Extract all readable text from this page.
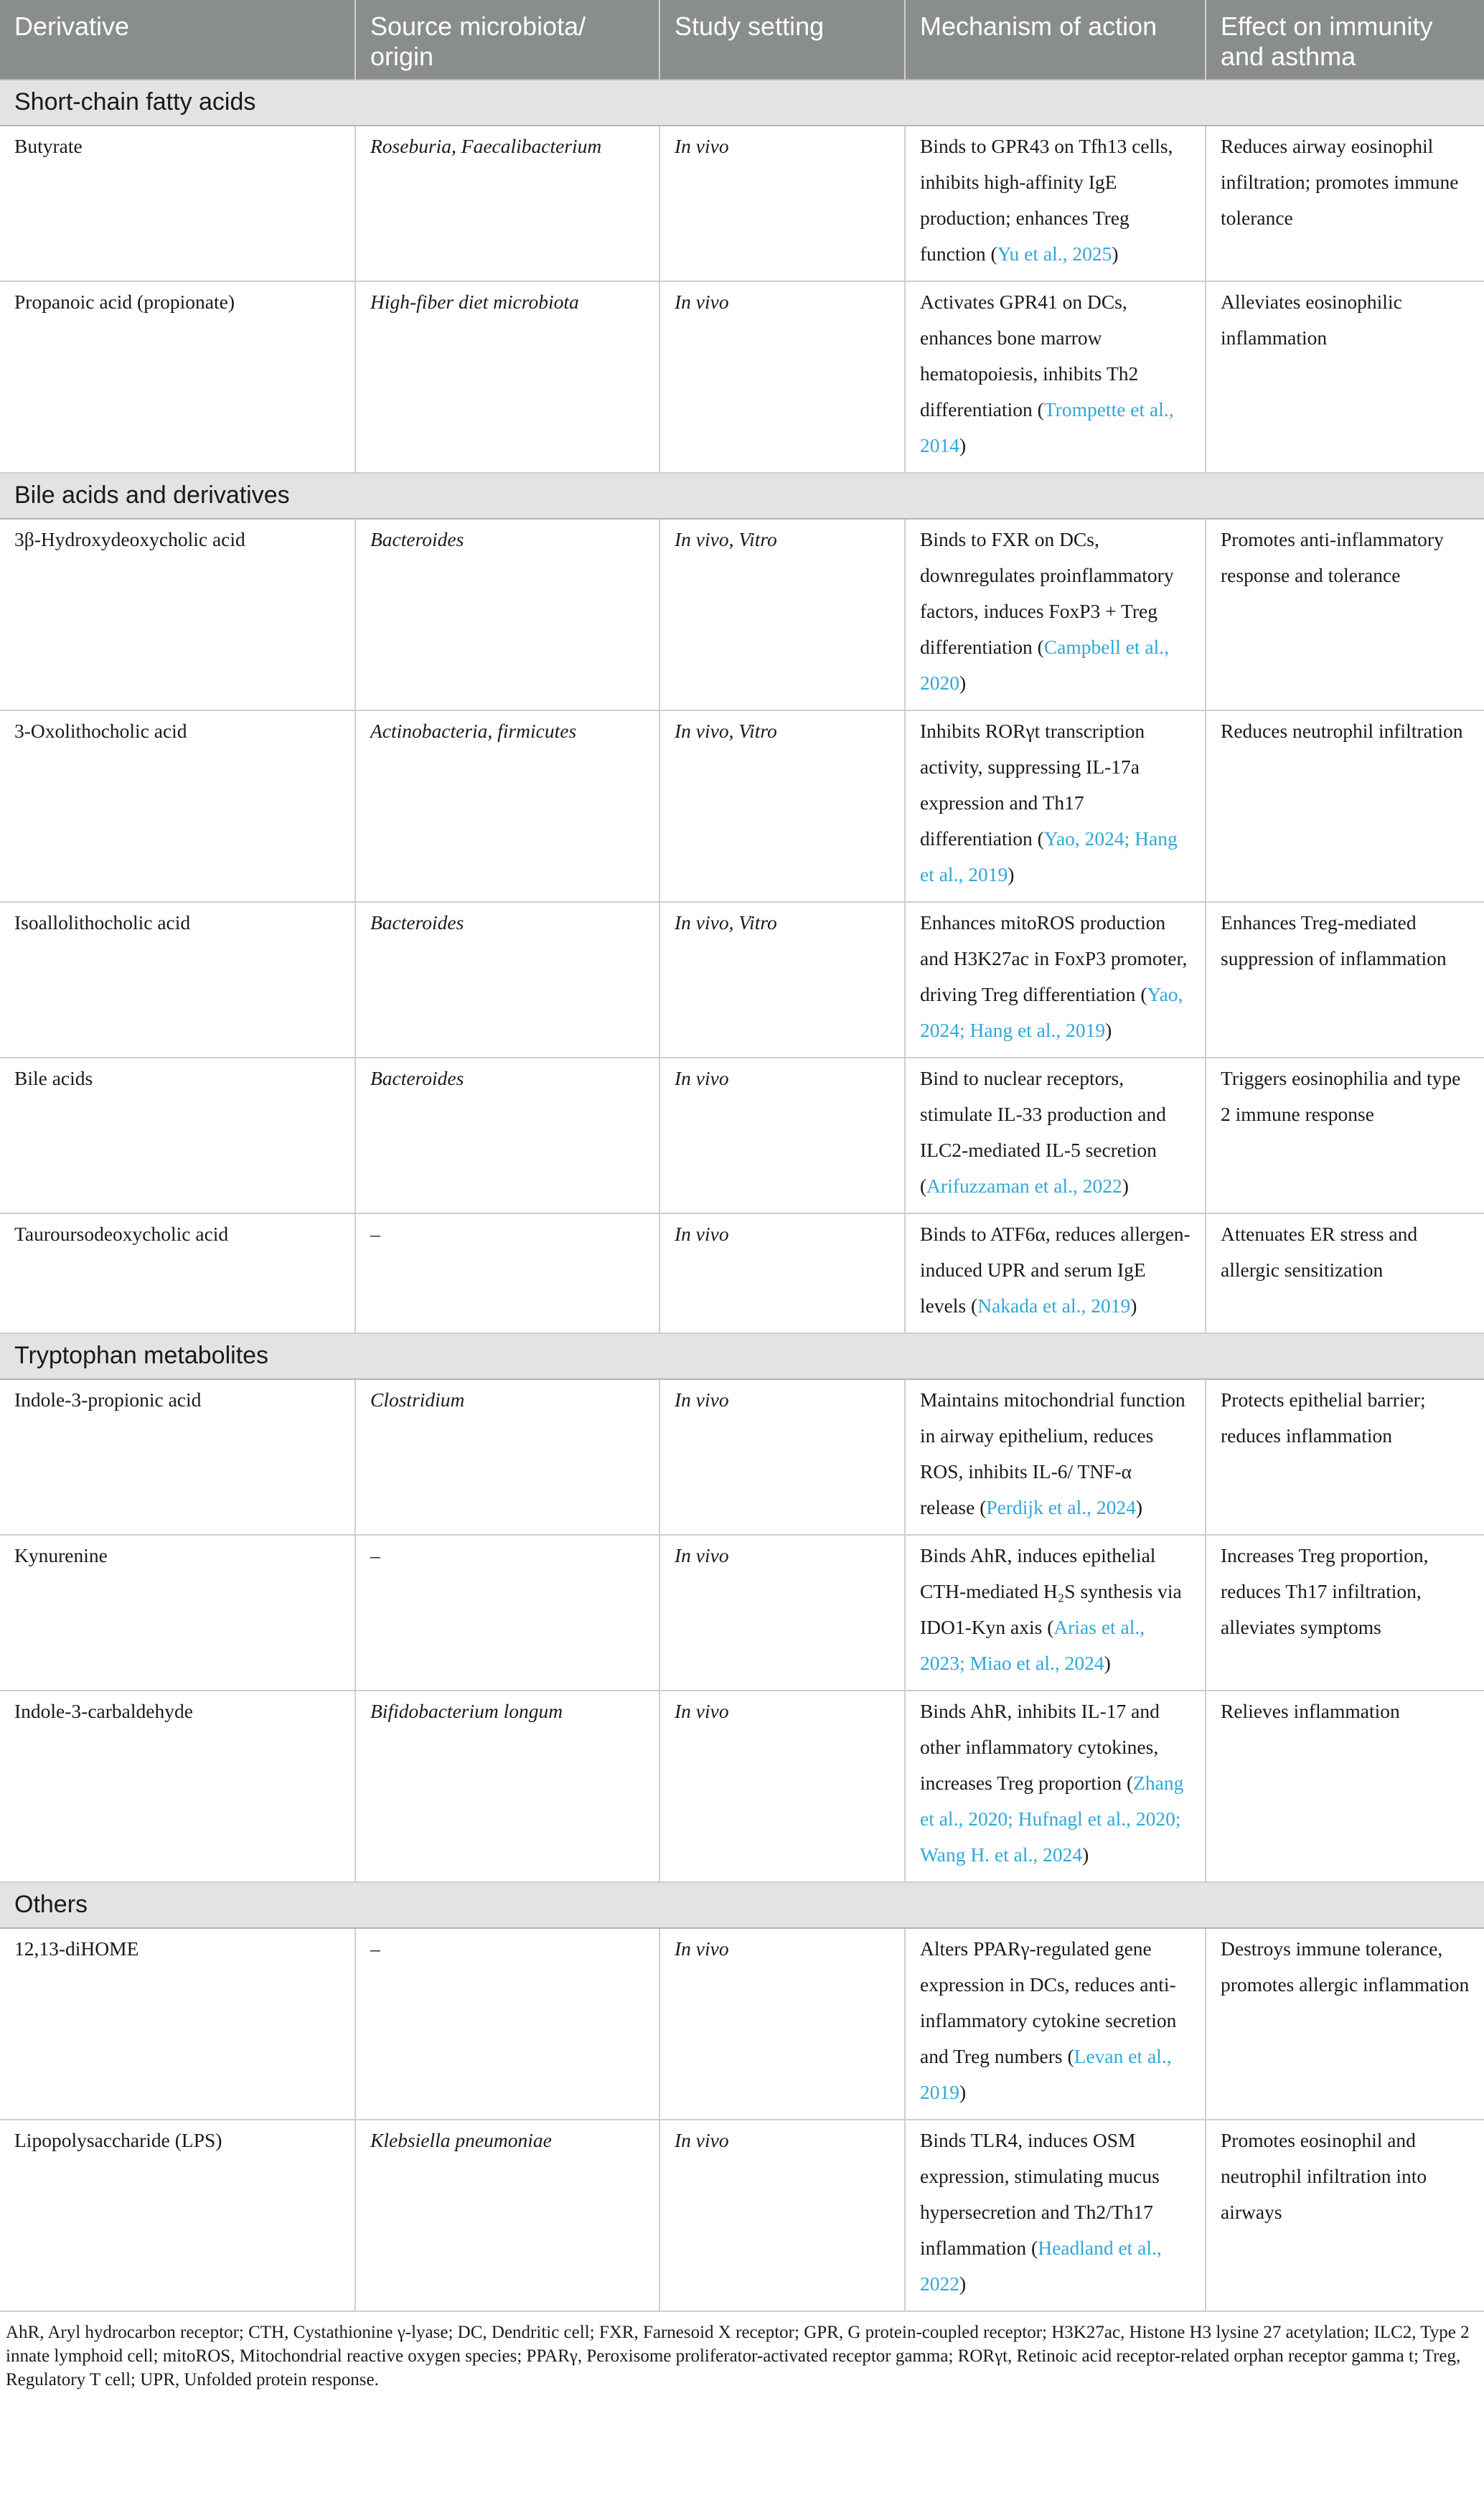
Derivative	Source microbiota/ origin	Study setting	Mechanism of action	Effect on immunity and asthma
Short-chain fatty acids				
Butyrate	Roseburia, Faecalibacterium	In vivo	Binds to GPR43 on Tfh13 cells, inhibits high-affinity IgE production; enhances Treg function (Yu et al., 2025)	Reduces airway eosinophil infiltration; promotes immune tolerance
Propanoic acid (propionate)	High-fiber diet microbiota	In vivo	Activates GPR41 on DCs, enhances bone marrow hematopoiesis, inhibits Th2 differentiation (Trompette et al., 2014)	Alleviates eosinophilic inflammation
Bile acids and derivatives				
3β-Hydroxydeoxycholic acid	Bacteroides	In vivo, Vitro	Binds to FXR on DCs, downregulates proinflammatory factors, induces FoxP3 + Treg differentiation (Campbell et al., 2020)	Promotes anti-inflammatory response and tolerance
3-Oxolithocholic acid	Actinobacteria, firmicutes	In vivo, Vitro	Inhibits RORγt transcription activity, suppressing IL-17a expression and Th17 differentiation (Yao, 2024; Hang et al., 2019)	Reduces neutrophil infiltration
Isoallolithocholic acid	Bacteroides	In vivo, Vitro	Enhances mitoROS production and H3K27ac in FoxP3 promoter, driving Treg differentiation (Yao, 2024; Hang et al., 2019)	Enhances Treg-mediated suppression of inflammation
Bile acids	Bacteroides	In vivo	Bind to nuclear receptors, stimulate IL-33 production and ILC2-mediated IL-5 secretion (Arifuzzaman et al., 2022)	Triggers eosinophilia and type 2 immune response
Tauroursodeoxycholic acid	–	In vivo	Binds to ATF6α, reduces allergen-induced UPR and serum IgE levels (Nakada et al., 2019)	Attenuates ER stress and allergic sensitization
Tryptophan metabolites				
Indole-3-propionic acid	Clostridium	In vivo	Maintains mitochondrial function in airway epithelium, reduces ROS, inhibits IL-6/ TNF-α release (Perdijk et al., 2024)	Protects epithelial barrier; reduces inflammation
Kynurenine	–	In vivo	Binds AhR, induces epithelial CTH-mediated H₂S synthesis via IDO1-Kyn axis (Arias et al., 2023; Miao et al., 2024)	Increases Treg proportion, reduces Th17 infiltration, alleviates symptoms
Indole-3-carbaldehyde	Bifidobacterium longum	In vivo	Binds AhR, inhibits IL-17 and other inflammatory cytokines, increases Treg proportion (Zhang et al., 2020; Hufnagl et al., 2020; Wang H. et al., 2024)	Relieves inflammation
Others				
12,13-diHOME	–	In vivo	Alters PPARγ-regulated gene expression in DCs, reduces anti-inflammatory cytokine secretion and Treg numbers (Levan et al., 2019)	Destroys immune tolerance, promotes allergic inflammation
Lipopolysaccharide (LPS)	Klebsiella pneumoniae	In vivo	Binds TLR4, induces OSM expression, stimulating mucus hypersecretion and Th2/Th17 inflammation (Headland et al., 2022)	Promotes eosinophil and neutrophil infiltration into airways
AhR, Aryl hydrocarbon receptor; CTH, Cystathionine γ-lyase; DC, Dendritic cell; FXR, Farnesoid X receptor; GPR, G protein-coupled receptor; H3K27ac, Histone H3 lysine 27 acetylation; ILC2, Type 2 innate lymphoid cell; mitoROS, Mitochondrial reactive oxygen species; PPARγ, Peroxisome proliferator-activated receptor gamma; RORγt, Retinoic acid receptor-related orphan receptor gamma t; Treg, Regulatory T cell; UPR, Unfolded protein response.
